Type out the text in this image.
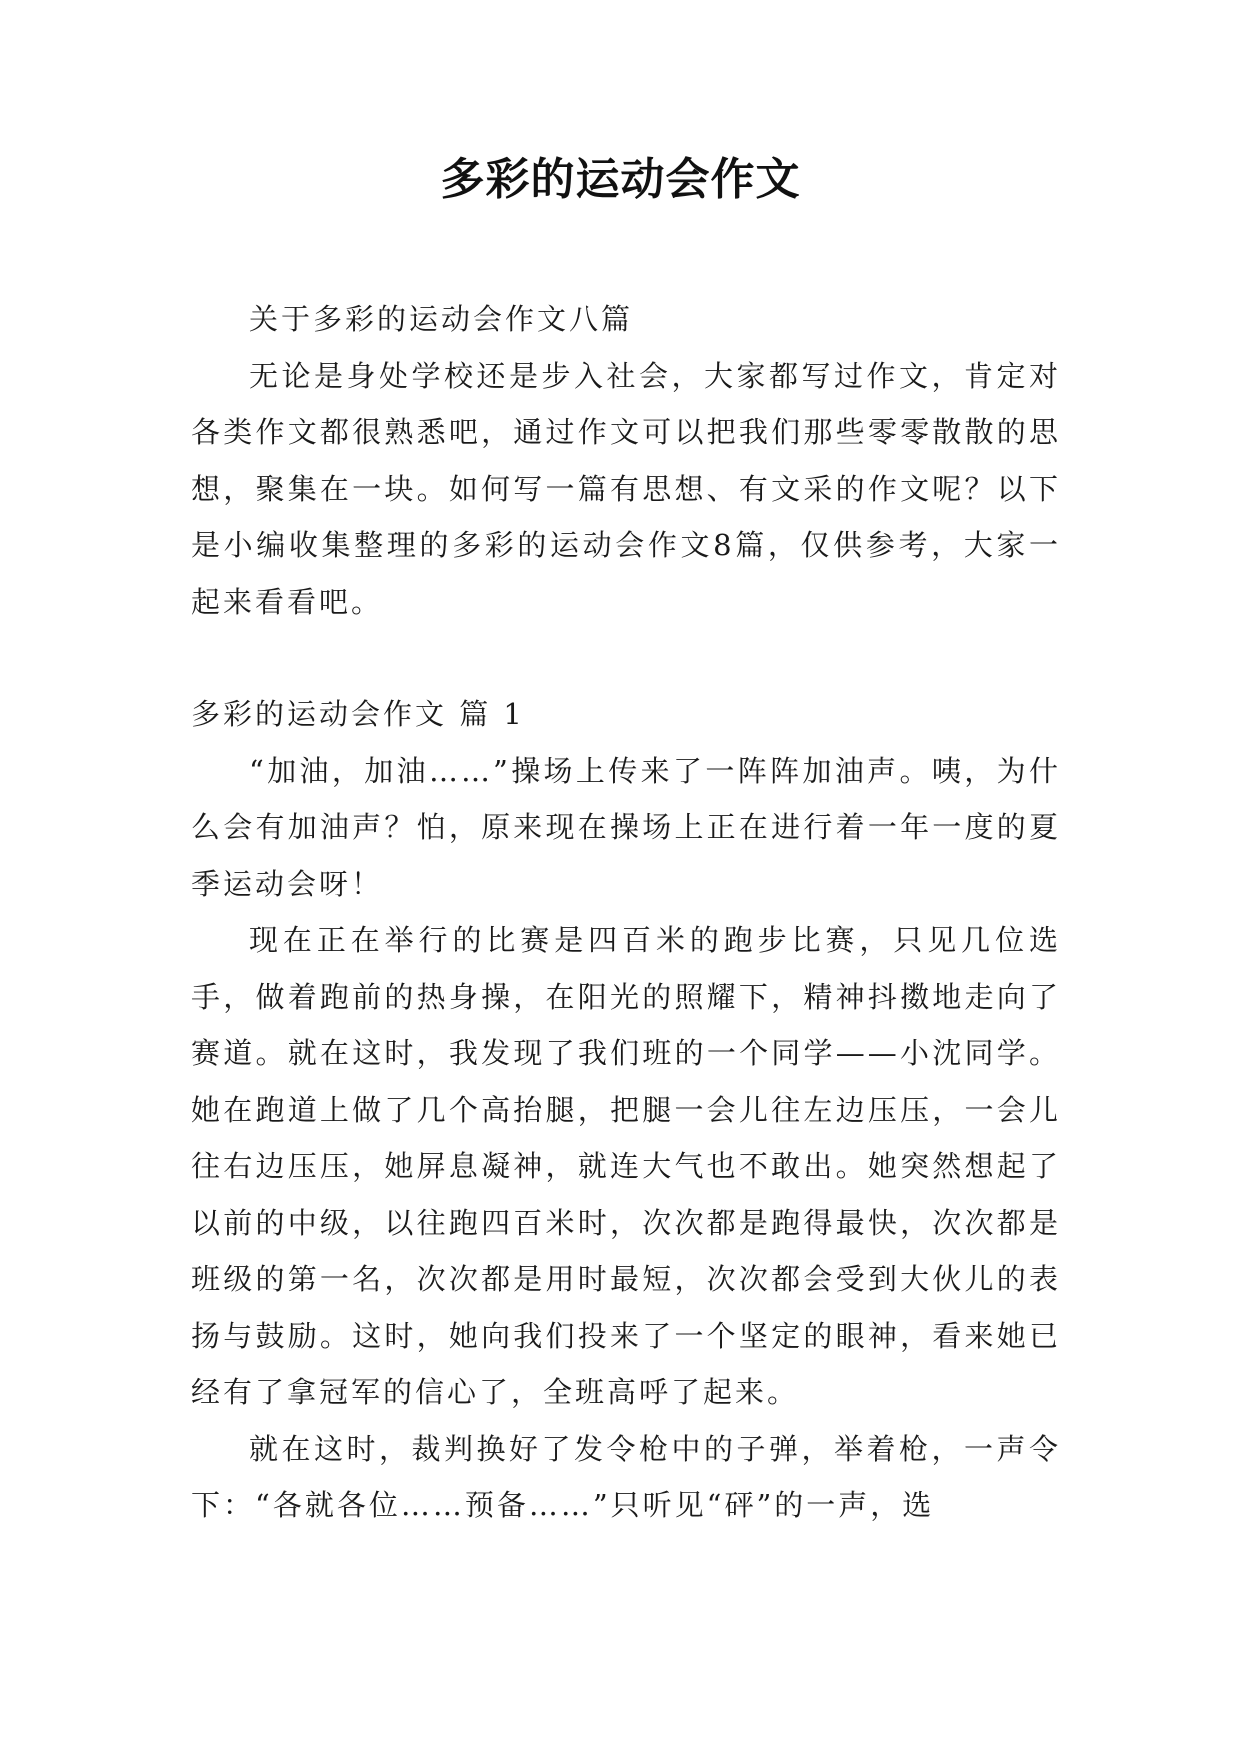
多彩的运动会作文

关于多彩的运动会作文八篇

无论是身处学校还是步入社会，大家都写过作文，肯定对各类作文都很熟悉吧，通过作文可以把我们那些零零散散的思想，聚集在一块。如何写一篇有思想、有文采的作文呢？以下是小编收集整理的多彩的运动会作文8篇，仅供参考，大家一起来看看吧。

多彩的运动会作文 篇 1

“加油，加油……”操场上传来了一阵阵加油声。咦，为什么会有加油声？怕，原来现在操场上正在进行着一年一度的夏季运动会呀！

现在正在举行的比赛是四百米的跑步比赛，只见几位选手，做着跑前的热身操，在阳光的照耀下，精神抖擞地走向了赛道。就在这时，我发现了我们班的一个同学——小沈同学。她在跑道上做了几个高抬腿，把腿一会儿往左边压压，一会儿往右边压压，她屏息凝神，就连大气也不敢出。她突然想起了以前的中级，以往跑四百米时，次次都是跑得最快，次次都是班级的第一名，次次都是用时最短，次次都会受到大伙儿的表扬与鼓励。这时，她向我们投来了一个坚定的眼神，看来她已经有了拿冠军的信心了，全班高呼了起来。

就在这时，裁判换好了发令枪中的子弹，举着枪，一声令下：“各就各位……预备……”只听见“砰”的一声，选
